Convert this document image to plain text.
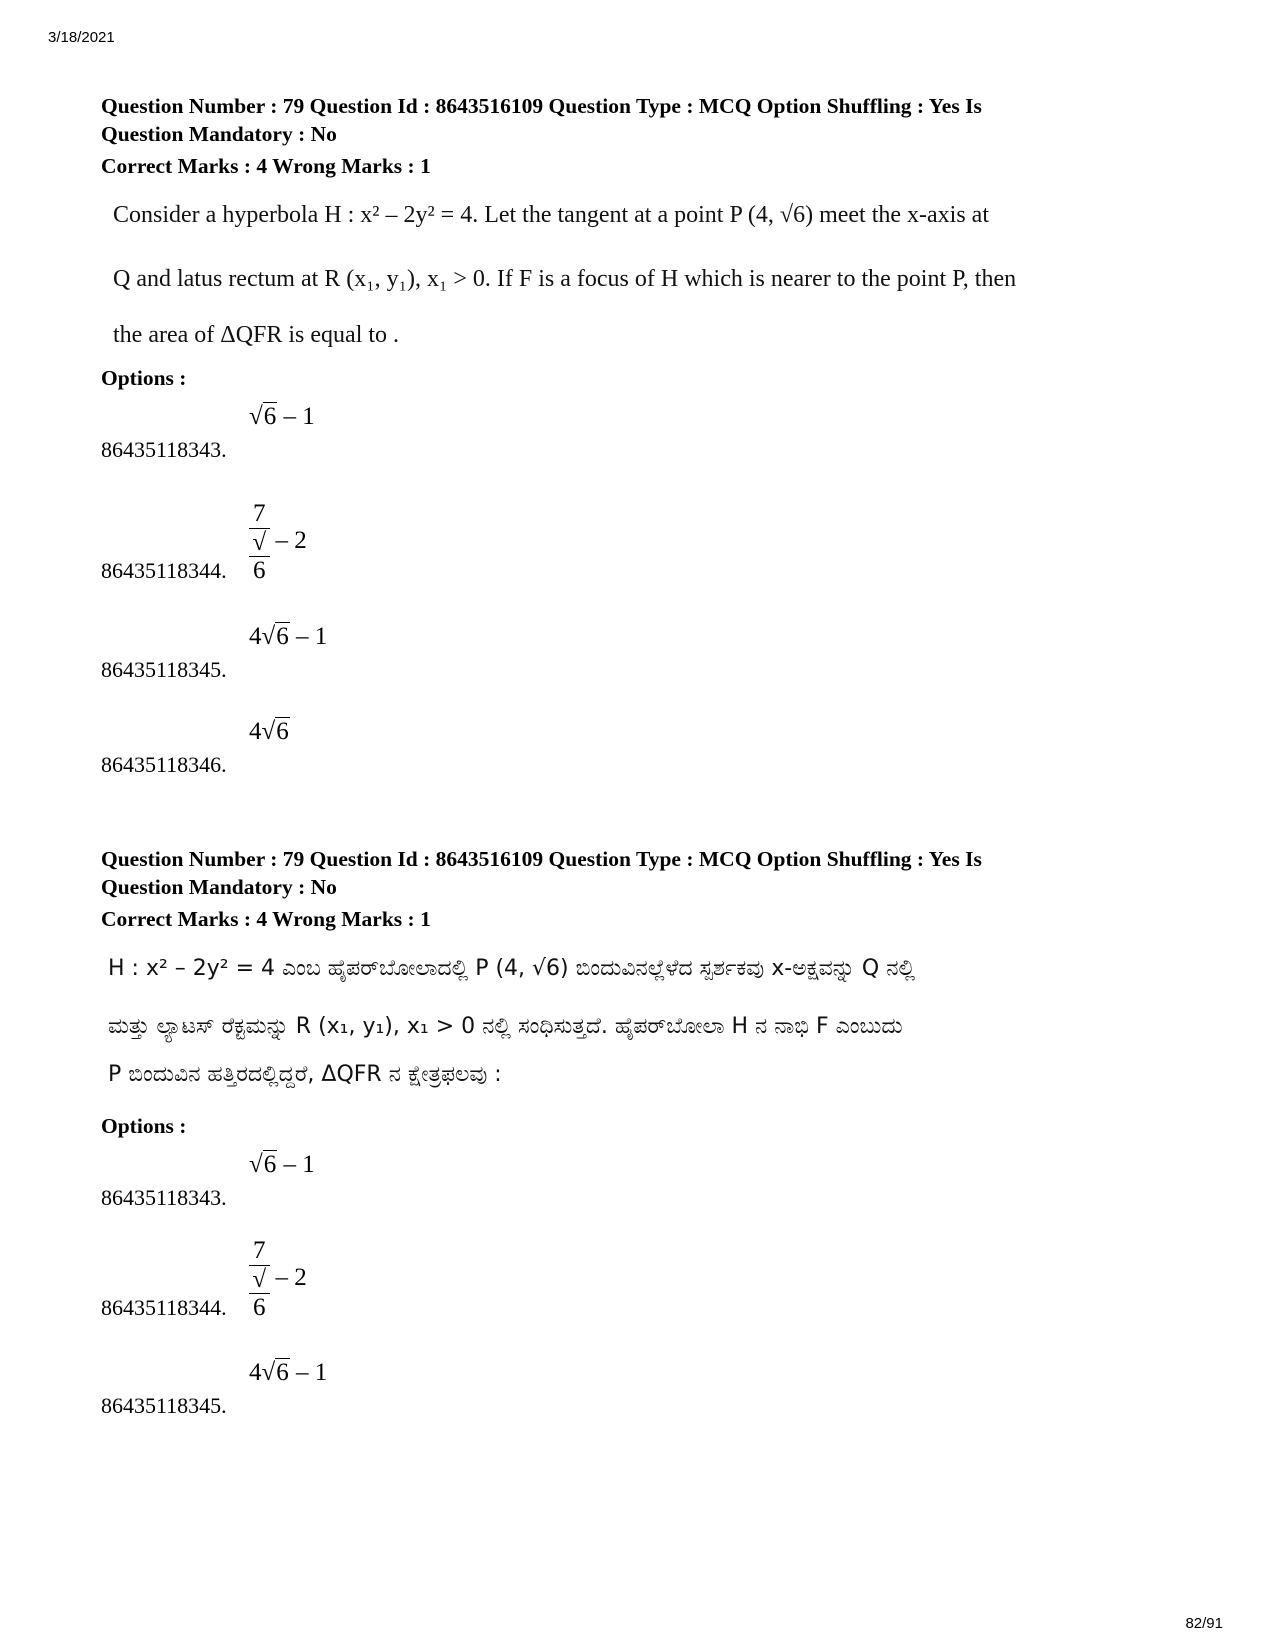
3/18/2021
Question Number : 79 Question Id : 8643516109 Question Type : MCQ Option Shuffling : Yes Is
Question Mandatory : No
Correct Marks : 4 Wrong Marks : 1
Consider a hyperbola H : x² – 2y² = 4. Let the tangent at a point P (4, √6) meet the x-axis at
Q and latus rectum at R (x₁, y₁), x₁ > 0. If F is a focus of H which is nearer to the point P, then
the area of ΔQFR is equal to .
Options :
86435118343.
√6 – 1
86435118344. 7
√
6 – 2
86435118345.
4√6 – 1
86435118346.
4√6
Question Number : 79 Question Id : 8643516109 Question Type : MCQ Option Shuffling : Yes Is
Question Mandatory : No
Correct Marks : 4 Wrong Marks : 1
H : x² – 2y² = 4 ಎಂಬ ಹೈಪರ್‌ಬೋಲಾದಲ್ಲಿ P (4, √6) ಬಿಂದುವಿನಲ್ಲೆಳೆದ ಸ್ಪರ್ಶಕವು x-ಅಕ್ಷವನ್ನು Q ನಲ್ಲಿ
ಮತ್ತು ಲ್ಯಾಟಸ್ ರೆಕ್ಟಮನ್ನು R (x₁, y₁), x₁ > 0 ನಲ್ಲಿ ಸಂಧಿಸುತ್ತದೆ. ಹೈಪರ್‌ಬೋಲಾ H ನ ನಾಭಿ F ಎಂಬುದು
P ಬಿಂದುವಿನ ಹತ್ತಿರದಲ್ಲಿದ್ದರೆ, ΔQFR ನ ಕ್ಷೇತ್ರಫಲವು :
Options :
86435118343.
√6 – 1
86435118344. 7
√
6 – 2
86435118345.
4√6 – 1
82/91
